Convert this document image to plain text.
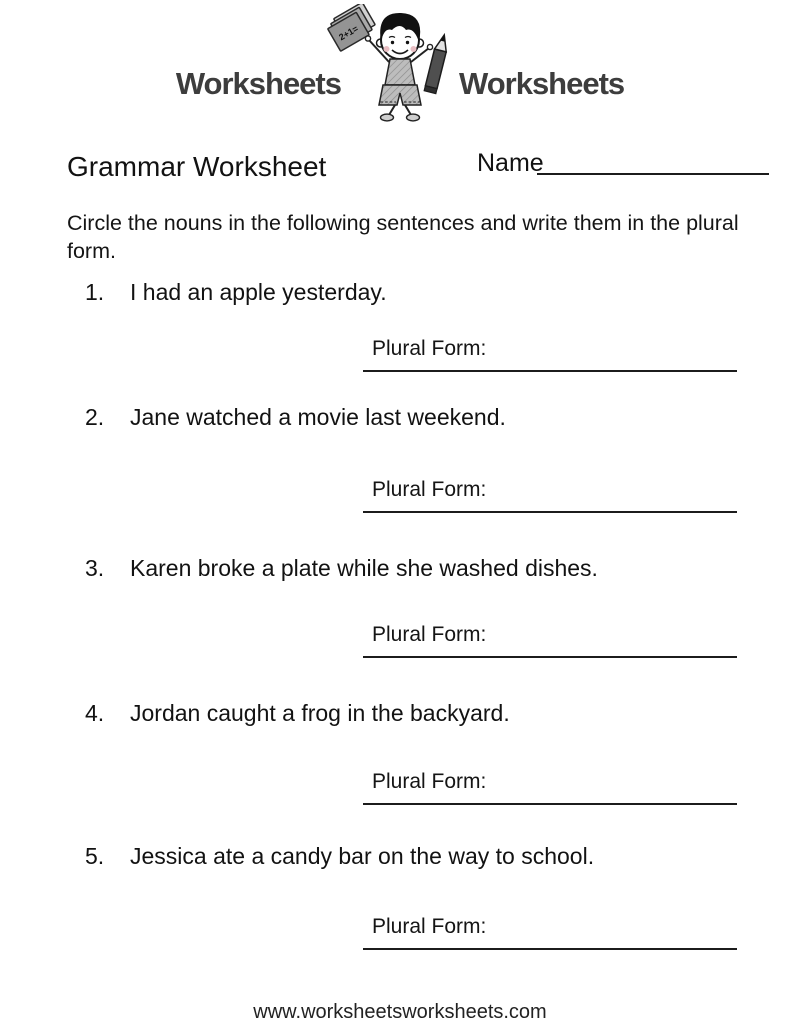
Worksheets
2+1=
Worksheets
Grammar Worksheet	Name
Circle the nouns in the following sentences and write them in the plural form.
1.	I had an apple yesterday.
Plural Form:
2.	Jane watched a movie last weekend.
Plural Form:
3.	Karen broke a plate while she washed dishes.
Plural Form:
4.	Jordan caught a frog in the backyard.
Plural Form:
5.	Jessica ate a candy bar on the way to school.
Plural Form:
www.worksheetsworksheets.com
